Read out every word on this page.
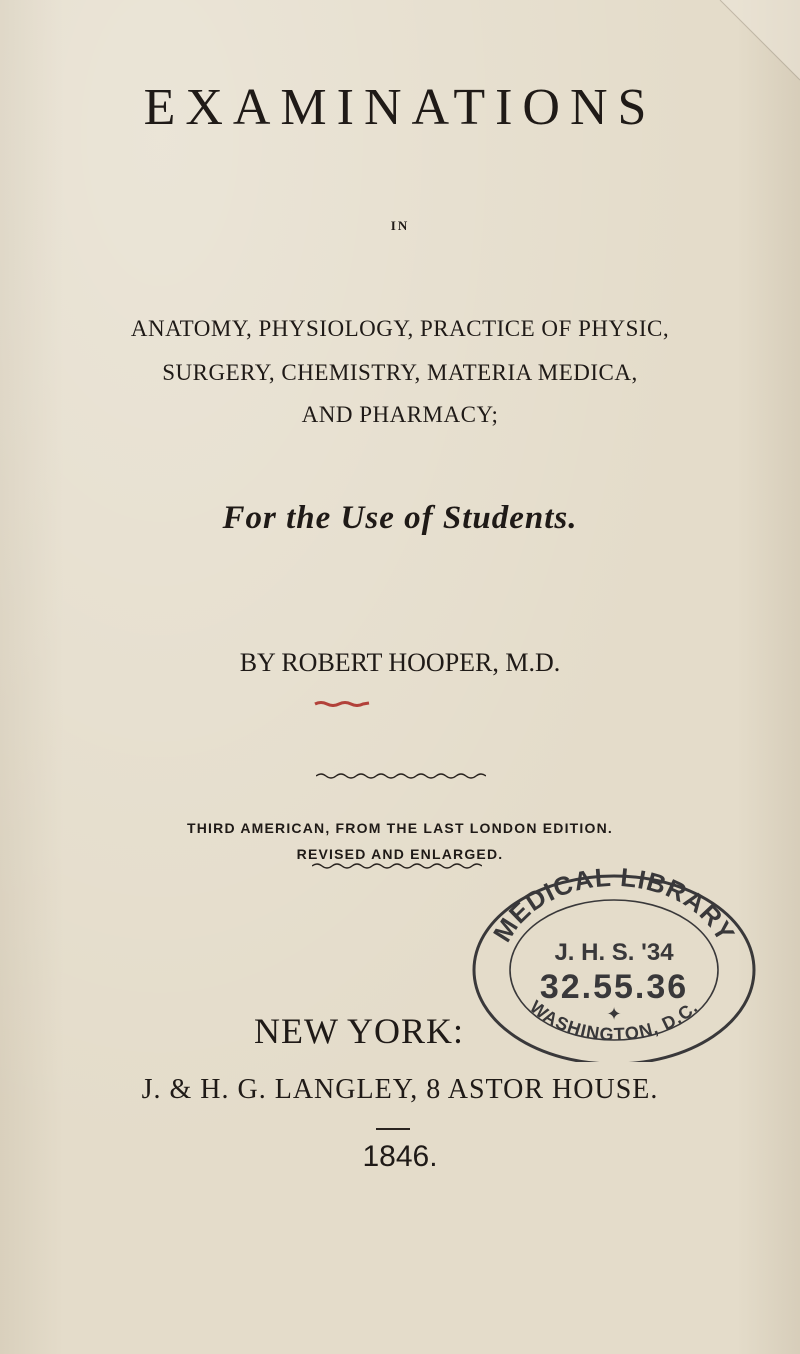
EXAMINATIONS
IN
ANATOMY, PHYSIOLOGY, PRACTICE OF PHYSIC,
SURGERY, CHEMISTRY, MATERIA MEDICA,
AND PHARMACY;
For the Use of Students.
BY ROBERT HOOPER, M.D.
THIRD AMERICAN, FROM THE LAST LONDON EDITION.
REVISED AND ENLARGED.
NEW YORK:
MEDICAL LIBRARY
J. H. S. '34
32.55.36
✦
WASHINGTON, D.C.
J. & H. G. LANGLEY, 8 ASTOR HOUSE.
1846.
